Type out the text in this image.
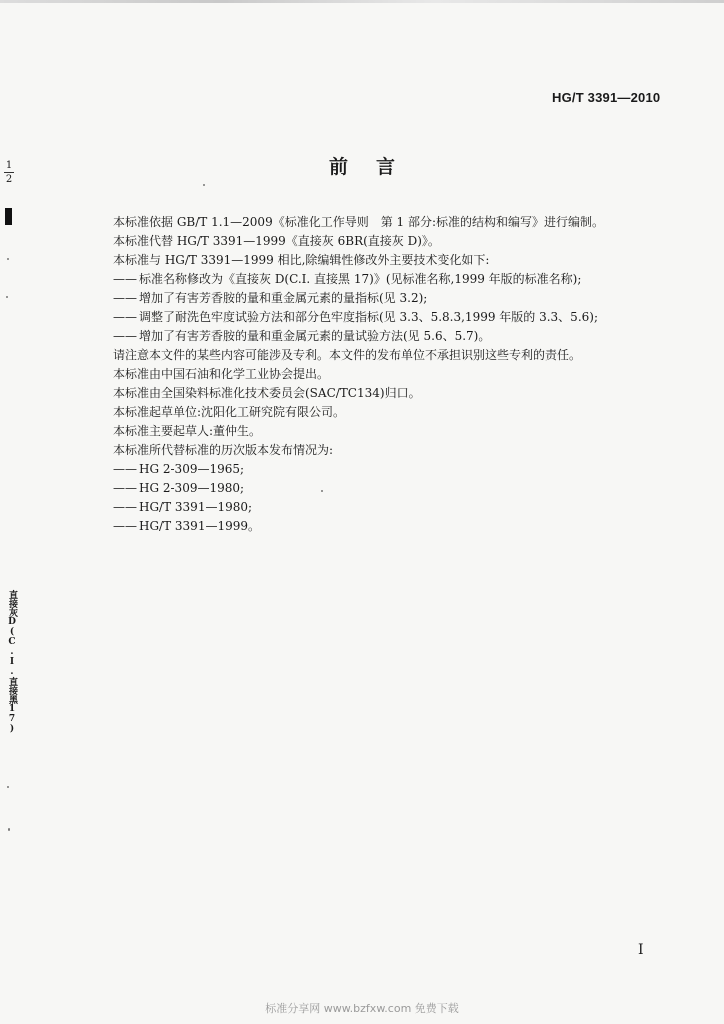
HG/T 3391—2010
前言
1
2
直接灰D(C.I.直接黑17)
本标准依据 GB/T 1.1—2009《标准化工作导则　第 1 部分:标准的结构和编写》进行编制。
本标准代替 HG/T 3391—1999《直接灰 6BR(直接灰 D)》。
本标准与 HG/T 3391—1999 相比,除编辑性修改外主要技术变化如下:
—— 标准名称修改为《直接灰 D(C.I. 直接黑 17)》(见标准名称,1999 年版的标准名称);
—— 增加了有害芳香胺的量和重金属元素的量指标(见 3.2);
—— 调整了耐洗色牢度试验方法和部分色牢度指标(见 3.3、5.8.3,1999 年版的 3.3、5.6);
—— 增加了有害芳香胺的量和重金属元素的量试验方法(见 5.6、5.7)。
请注意本文件的某些内容可能涉及专利。本文件的发布单位不承担识别这些专利的责任。
本标准由中国石油和化学工业协会提出。
本标准由全国染料标准化技术委员会(SAC/TC134)归口。
本标准起草单位:沈阳化工研究院有限公司。
本标准主要起草人:董仲生。
本标准所代替标准的历次版本发布情况为:
—— HG 2-309—1965;
—— HG 2-309—1980;
—— HG/T 3391—1980;
—— HG/T 3391—1999。
I
标准分享网 www.bzfxw.com 免费下载
